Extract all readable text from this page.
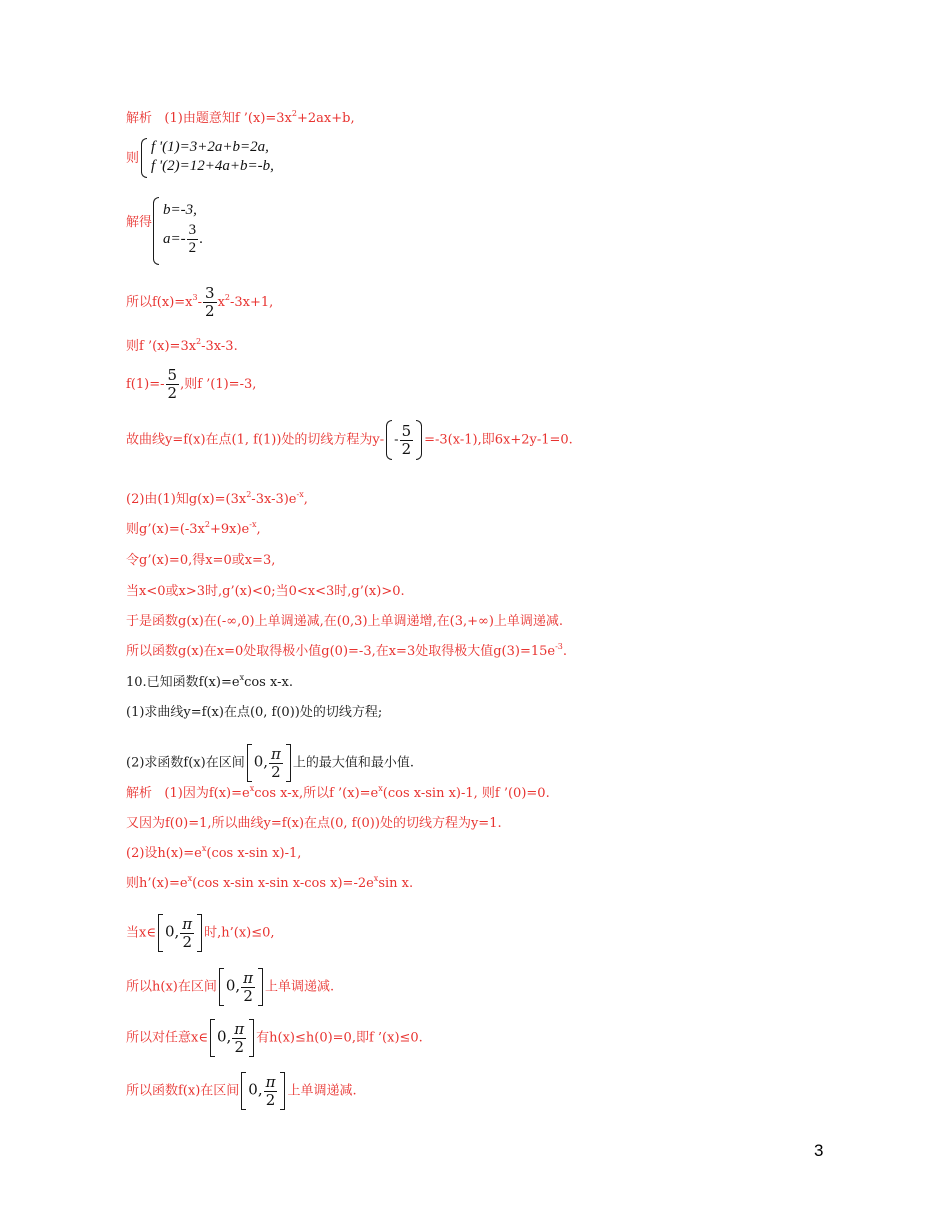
解析 (1)由题意知f $’(x)=3x^2+2ax+b$,
则
f '(1)=3+2a+b=2a,
f '(2)=12+4a+b=-b,
解得
b=-3,
$a=- \frac{3}{2}$ .
所以$f(x)=x^3- \frac{3}{2} x^2-3x+1$,
则f $’(x)=3x^2-3x-3$.
$f(1)=- \frac{5}{2}$ ,则f ’(1)=-3,
故曲线y=f(x)在点(1, f(1))处的切线方程为$y- - \frac{5}{2} =-3(x-1)$,即6x+2y-1=0.
(2)由(1)知$g(x)=(3x^2-3x-3)e^{-x}$,
则$g’(x)=(-3x^2+9x)e^{-x}$,
令g’(x)=0,得x=0或x=3,
当x<0或x>3时,g’(x)<0;当0<x<3时,g’(x)>0.
于是函数g(x)在(-∞,0)上单调递减,在(0,3)上单调递增,在(3,+∞)上单调递减.
所以函数g(x)在x=0处取得极小值g(0)=-3,在x=3处取得极大值$g(3)=15e^{-3}$.
10.已知函数$f(x)=e^x\cos$ x-x.
(1)求曲线y=f(x)在点(0, f(0))处的切线方程;
(2)求函数f(x)在区间 0, $\frac{\pi}{2}$ 上的最大值和最小值.
解析 (1)因为$f(x)=e^x\cos$ x-x,所以f $’(x)=e^x(\cos$ x-sin x)-1, 则f ’(0)=0.
又因为f(0)=1,所以曲线y=f(x)在点(0, f(0))处的切线方程为y=1.
(2)设$h(x)=e^x(\cos$ x-sin x)-1,
则$h’(x)=e^x(\cos$ x-sin x-sin x-cos $x)=-2e^x\sin$ x.
当x∈ 0, $\frac{\pi}{2}$ 时,h’(x)≤0,
所以h(x)在区间 0, $\frac{\pi}{2}$ 上单调递减.
所以对任意x∈ 0, $\frac{\pi}{2}$ 有h(x)≤h(0)=0,即f ’(x)≤0.
所以函数f(x)在区间 0, $\frac{\pi}{2}$ 上单调递减.
3
